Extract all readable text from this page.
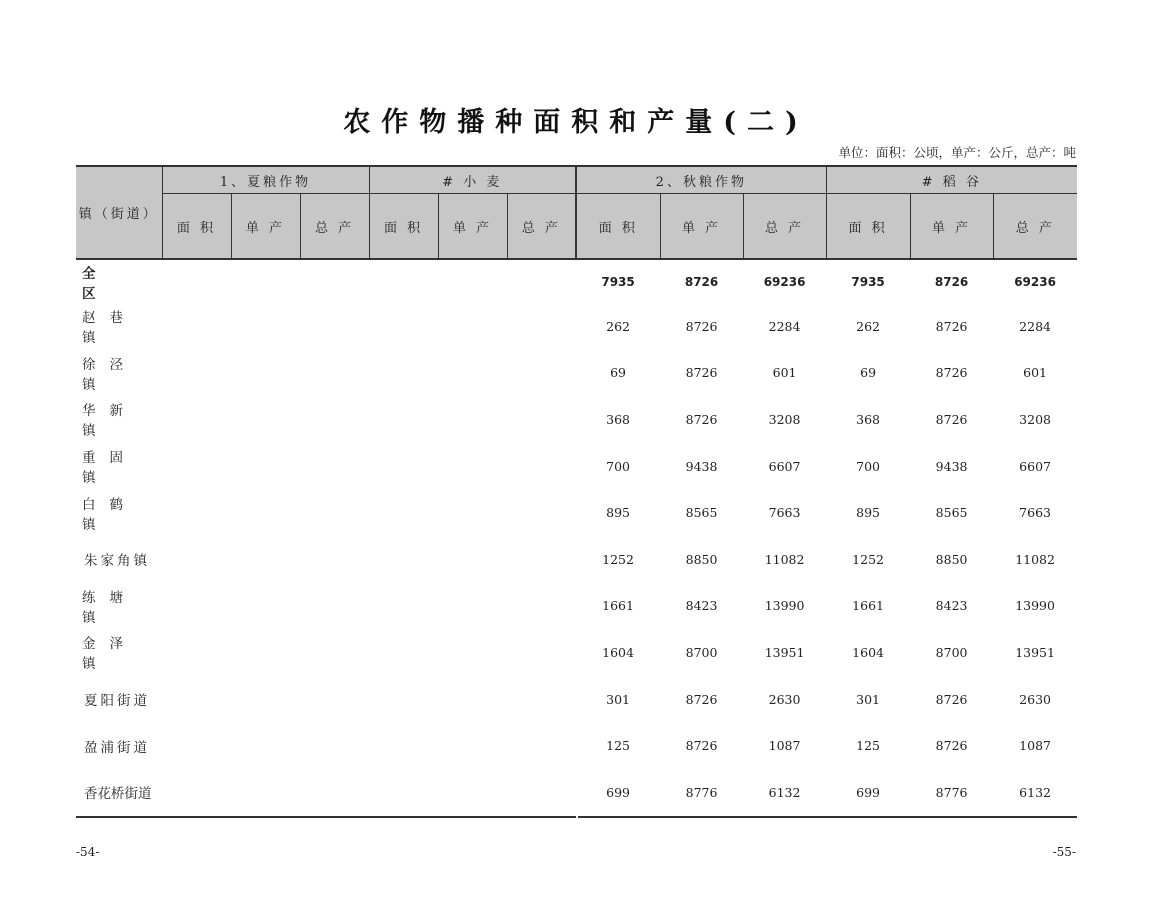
农作物播种面积和产量(二)
单位：面积：公顷，单产：公斤，总产：吨
镇（街道）	1、夏粮作物			# 小 麦			2、秋粮作物			# 稻 谷		
	面 积	单 产	总 产	面 积	单 产	总 产	面 积	单 产	总 产	面 积	单 产	总 产
全区							7935	8726	69236	7935	8726	69236
赵巷镇							262	8726	2284	262	8726	2284
徐泾镇							69	8726	601	69	8726	601
华新镇							368	8726	3208	368	8726	3208
重固镇							700	9438	6607	700	9438	6607
白鹤镇							895	8565	7663	895	8565	7663
朱家角镇							1252	8850	11082	1252	8850	11082
练塘镇							1661	8423	13990	1661	8423	13990
金泽镇							1604	8700	13951	1604	8700	13951
夏阳街道							301	8726	2630	301	8726	2630
盈浦街道							125	8726	1087	125	8726	1087
香花桥街道							699	8776	6132	699	8776	6132
-54-	-55-
